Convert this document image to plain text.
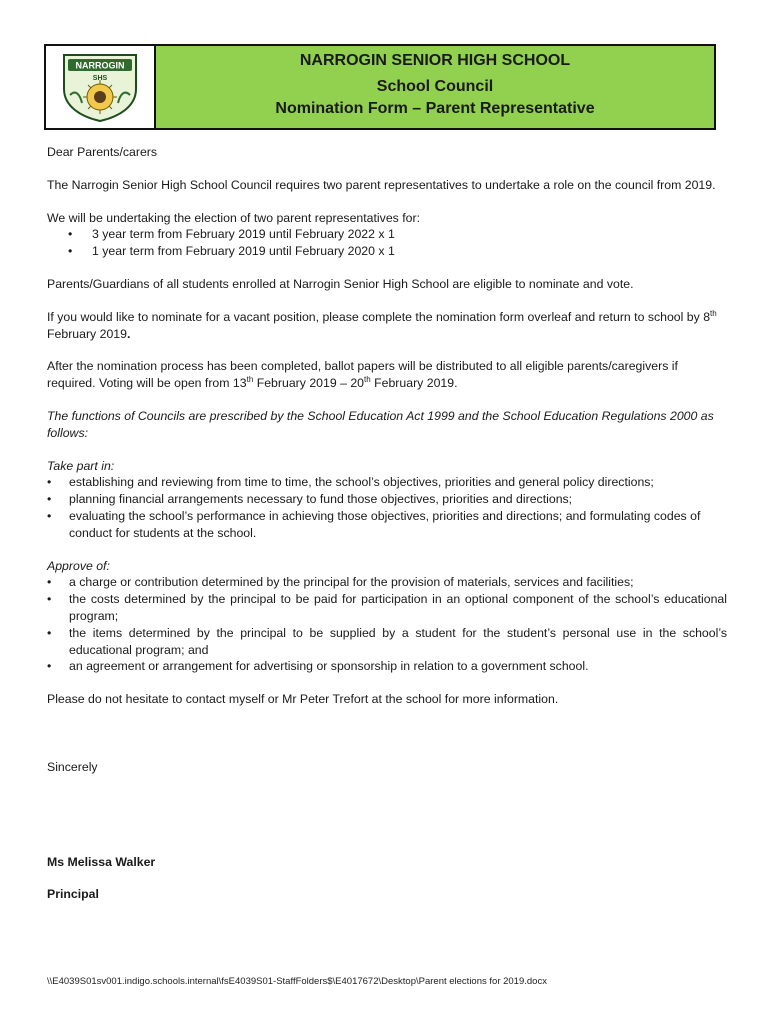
NARROGIN
SHS
NARROGIN SENIOR HIGH SCHOOL
School Council
Nomination Form – Parent Representative

Dear Parents/carers

The Narrogin Senior High School Council requires two parent representatives to undertake a role on the council from 2019.

We will be undertaking the election of two parent representatives for:
• 3 year term from February 2019 until February 2022 x 1
• 1 year term from February 2019 until February 2020 x 1

Parents/Guardians of all students enrolled at Narrogin Senior High School are eligible to nominate and vote.

If you would like to nominate for a vacant position, please complete the nomination form overleaf and return to school by 8th February 2019.

After the nomination process has been completed, ballot papers will be distributed to all eligible parents/caregivers if required. Voting will be open from 13th February 2019 – 20th February 2019.

The functions of Councils are prescribed by the School Education Act 1999 and the School Education Regulations 2000 as follows:

Take part in:
• establishing and reviewing from time to time, the school’s objectives, priorities and general policy directions;
• planning financial arrangements necessary to fund those objectives, priorities and directions;
• evaluating the school’s performance in achieving those objectives, priorities and directions; and formulating codes of conduct for students at the school.
Approve of:
• a charge or contribution determined by the principal for the provision of materials, services and facilities;
• the costs determined by the principal to be paid for participation in an optional component of the school’s educational program;
• the items determined by the principal to be supplied by a student for the student’s personal use in the school’s educational program; and
• an agreement or arrangement for advertising or sponsorship in relation to a government school.

Please do not hesitate to contact myself or Mr Peter Trefort at the school for more information.

Sincerely
Ms Melissa Walker
Principal
\\E4039S01sv001.indigo.schools.internal\fsE4039S01-StaffFolders$\E4017672\Desktop\Parent elections for 2019.docx
